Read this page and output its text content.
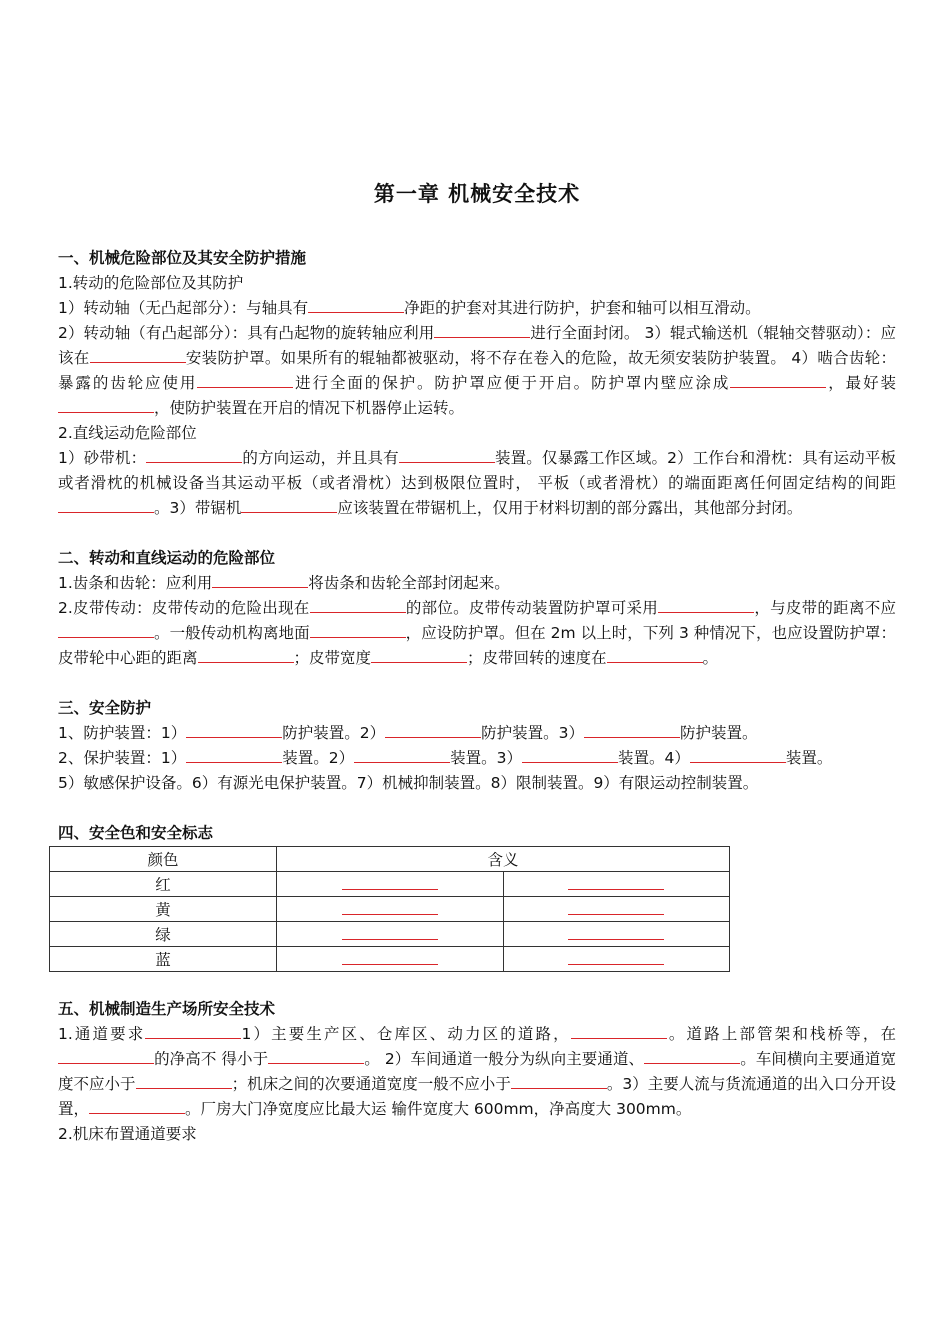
第一章 机械安全技术
一、机械危险部位及其安全防护措施

1.转动的危险部位及其防护

1）转动轴（无凸起部分）：与轴具有	净距的护套对其进行防护，护套和轴可以相互滑动。

2）转动轴（有凸起部分）：具有凸起物的旋转轴应利用	进行全面封闭。 3）辊式输送机（辊轴交替驱动）：应该在	安装防护罩。如果所有的辊轴都被驱动，将不存在卷入的危险，故无须安装防护装置。 4）啮合齿轮：暴露的齿轮应使用	进行全面的保护。防护罩应便于开启。防护罩内壁应涂成	，最好装，使防护装置在开启的情况下机器停止运转。

2.直线运动危险部位

1）砂带机：	的方向运动，并且具有	装置。仅暴露工作区域。2）工作台和滑枕：具有运动平板或者滑枕的机械设备当其运动平板（或者滑枕）达到极限位置时， 平板（或者滑枕）的端面距离任何固定结构的间距。3）带锯机	应该装置在带锯机上，仅用于材料切割的部分露出，其他部分封闭。

二、转动和直线运动的危险部位

1.齿条和齿轮：应利用	将齿条和齿轮全部封闭起来。

2.皮带传动：皮带传动的危险出现在	的部位。皮带传动装置防护罩可采用	，与皮带的距离不应。一般传动机构离地面	，应设防护罩。但在 2m 以上时，下列 3 种情况下，也应设置防护罩：皮带轮中心距的距离	；皮带宽度	；皮带回转的速度在	。

三、安全防护

1、防护装置：1）	防护装置。2）	防护装置。3）	防护装置。

2、保护装置：1）	装置。2）	装置。3）	装置。4）	装置。

5）敏感保护设备。6）有源光电保护装置。7）机械抑制装置。8）限制装置。9）有限运动控制装置。

四、安全色和安全标志
颜色	含义	
红		
黄		
绿		
蓝		
五、机械制造生产场所安全技术

1.通道要求	1）主要生产区、仓库区、动力区的道路，	。道路上部管架和栈桥等，在的净高不 得小于	。 2）车间通道一般分为纵向主要通道、	。车间横向主要通道宽度不应小于	；机床之间的次要通道宽度一般不应小于	。3）主要人流与货流通道的出入口分开设置，	。厂房大门净宽度应比最大运 输件宽度大 600mm，净高度大 300mm。

2.机床布置通道要求
